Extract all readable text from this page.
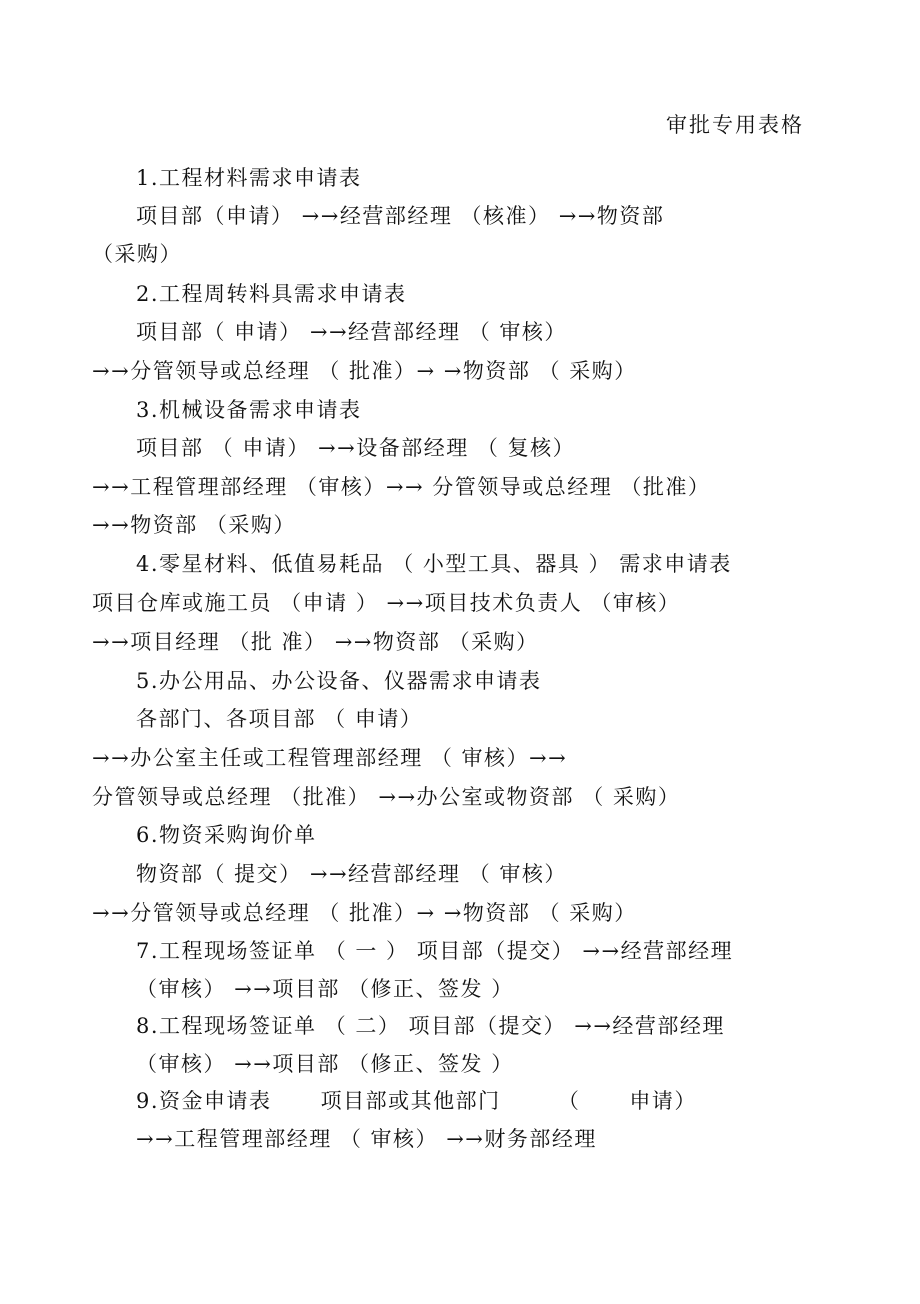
审批专用表格
1.工程材料需求申请表
项目部（申请） →→经营部经理 （核准） →→物资部
（采购）
2.工程周转料具需求申请表
项目部（ 申请） →→经营部经理 （ 审核）
→→分管领导或总经理 （ 批准）→ →物资部 （ 采购）
3.机械设备需求申请表
项目部 （ 申请） →→设备部经理 （ 复核）
→→工程管理部经理 （审核）→→ 分管领导或总经理 （批准）
→→物资部 （采购）
4.零星材料、低值易耗品 （ 小型工具、器具 ） 需求申请表
项目仓库或施工员 （申请 ） →→项目技术负责人 （审核）
→→项目经理 （批 准） →→物资部 （采购）
5.办公用品、办公设备、仪器需求申请表
各部门、各项目部 （ 申请）
→→办公室主任或工程管理部经理 （ 审核）→→
分管领导或总经理 （批准） →→办公室或物资部 （ 采购）
6.物资采购询价单
物资部（ 提交） →→经营部经理 （ 审核）
→→分管领导或总经理 （ 批准）→ →物资部 （ 采购）
7.工程现场签证单 （ 一 ） 项目部（提交） →→经营部经理
（审核） →→项目部 （修正、签发 ）
8.工程现场签证单 （ 二） 项目部（提交） →→经营部经理
（审核） →→项目部 （修正、签发 ）
9.资金申请表      项目部或其他部门       （      申请）
→→工程管理部经理 （ 审核） →→财务部经理
